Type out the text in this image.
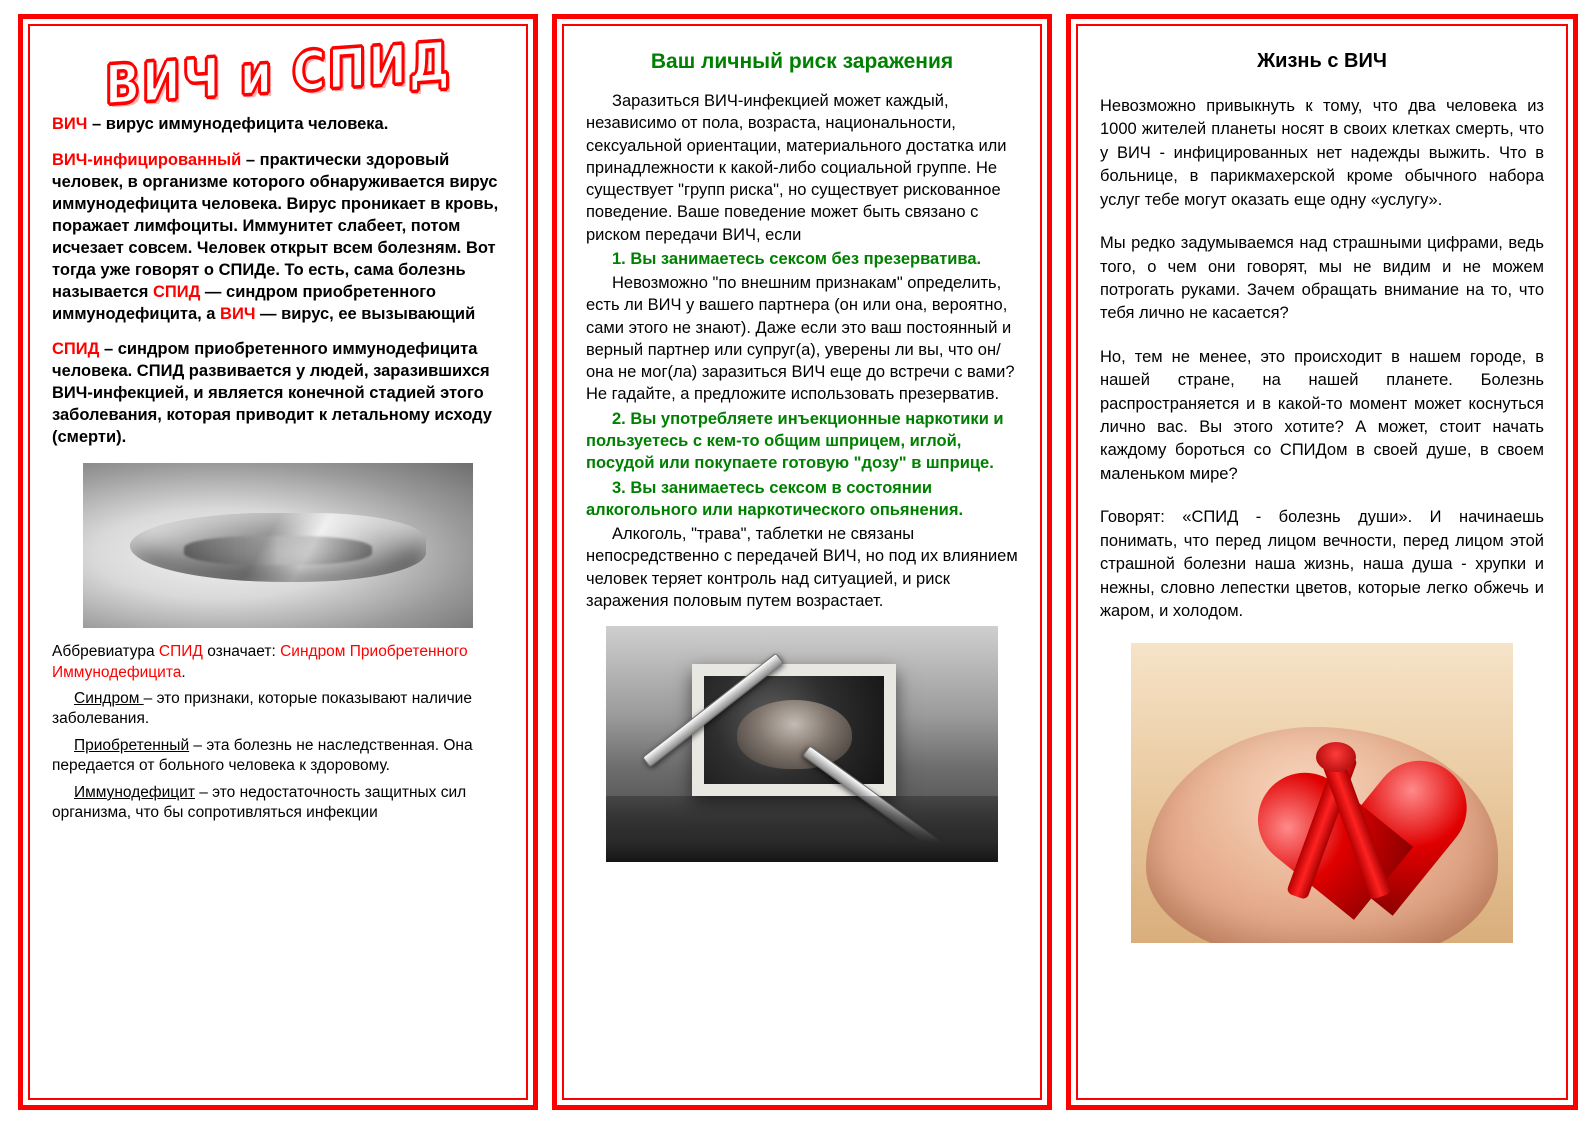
ВИЧ и СПИД

ВИЧ – вирус иммунодефицита человека.

ВИЧ-инфицированный – практически здоровый человек, в организме которого обнаруживается вирус иммунодефицита человека. Вирус проникает в кровь, поражает лимфоциты. Иммунитет слабеет, потом исчезает совсем. Человек открыт всем болезням. Вот тогда уже говорят о СПИДе. То есть, сама болезнь называется СПИД — синдром приобретенного иммунодефицита, а ВИЧ — вирус, ее вызывающий

СПИД – синдром приобретенного иммунодефицита человека. СПИД развивается у людей, заразившихся ВИЧ-инфекцией, и является конечной стадией этого заболевания, которая приводит к летальному исходу (смерти).

Аббревиатура СПИД означает: Синдром Приобретенного Иммунодефицита.

Синдром – это признаки, которые показывают наличие заболевания.

Приобретенный – эта болезнь не наследственная. Она передается от больного человека к здоровому.

Иммунодефицит – это недостаточность защитных сил организма, что бы сопротивляться инфекции

Ваш личный риск заражения

Заразиться ВИЧ-инфекцией может каждый, независимо от пола, возраста, национальности, сексуальной ориентации, материального достатка или принадлежности к какой-либо социальной группе. Не существует "групп риска", но существует рискованное поведение. Ваше поведение может быть связано с риском передачи ВИЧ, если

1. Вы занимаетесь сексом без презерватива.

Невозможно "по внешним признакам" определить, есть ли ВИЧ у вашего партнера (он или она, вероятно, сами этого не знают). Даже если это ваш постоянный и верный партнер или супруг(а), уверены ли вы, что он/она не мог(ла) заразиться ВИЧ еще до встречи с вами? Не гадайте, а предложите использовать презерватив.

2. Вы употребляете инъекционные наркотики и пользуетесь с кем-то общим шприцем, иглой, посудой или покупаете готовую "дозу" в шприце.

3. Вы занимаетесь сексом в состоянии алкогольного или наркотического опьянения.

Алкоголь, "трава", таблетки не связаны непосредственно с передачей ВИЧ, но под их влиянием человек теряет контроль над ситуацией, и риск заражения половым путем возрастает.

Жизнь с ВИЧ

Невозможно привыкнуть к тому, что два человека из 1000 жителей планеты носят в своих клетках смерть, что у ВИЧ - инфицированных нет надежды выжить. Что в больнице, в парикмахерской кроме обычного набора услуг тебе могут оказать еще одну «услугу».

Мы редко задумываемся над страшными цифрами, ведь того, о чем они говорят, мы не видим и не можем потрогать руками. Зачем обращать внимание на то, что тебя лично не касается?

Но, тем не менее, это происходит в нашем городе, в нашей стране, на нашей планете. Болезнь распространяется и в какой-то момент может коснуться лично вас. Вы этого хотите? А может, стоит начать каждому бороться со СПИДом в своей душе, в своем маленьком мире?

Говорят: «СПИД - болезнь души». И начинаешь понимать, что перед лицом вечности, перед лицом этой страшной болезни наша жизнь, наша душа - хрупки и нежны, словно лепестки цветов, которые легко обжечь и жаром, и холодом.
